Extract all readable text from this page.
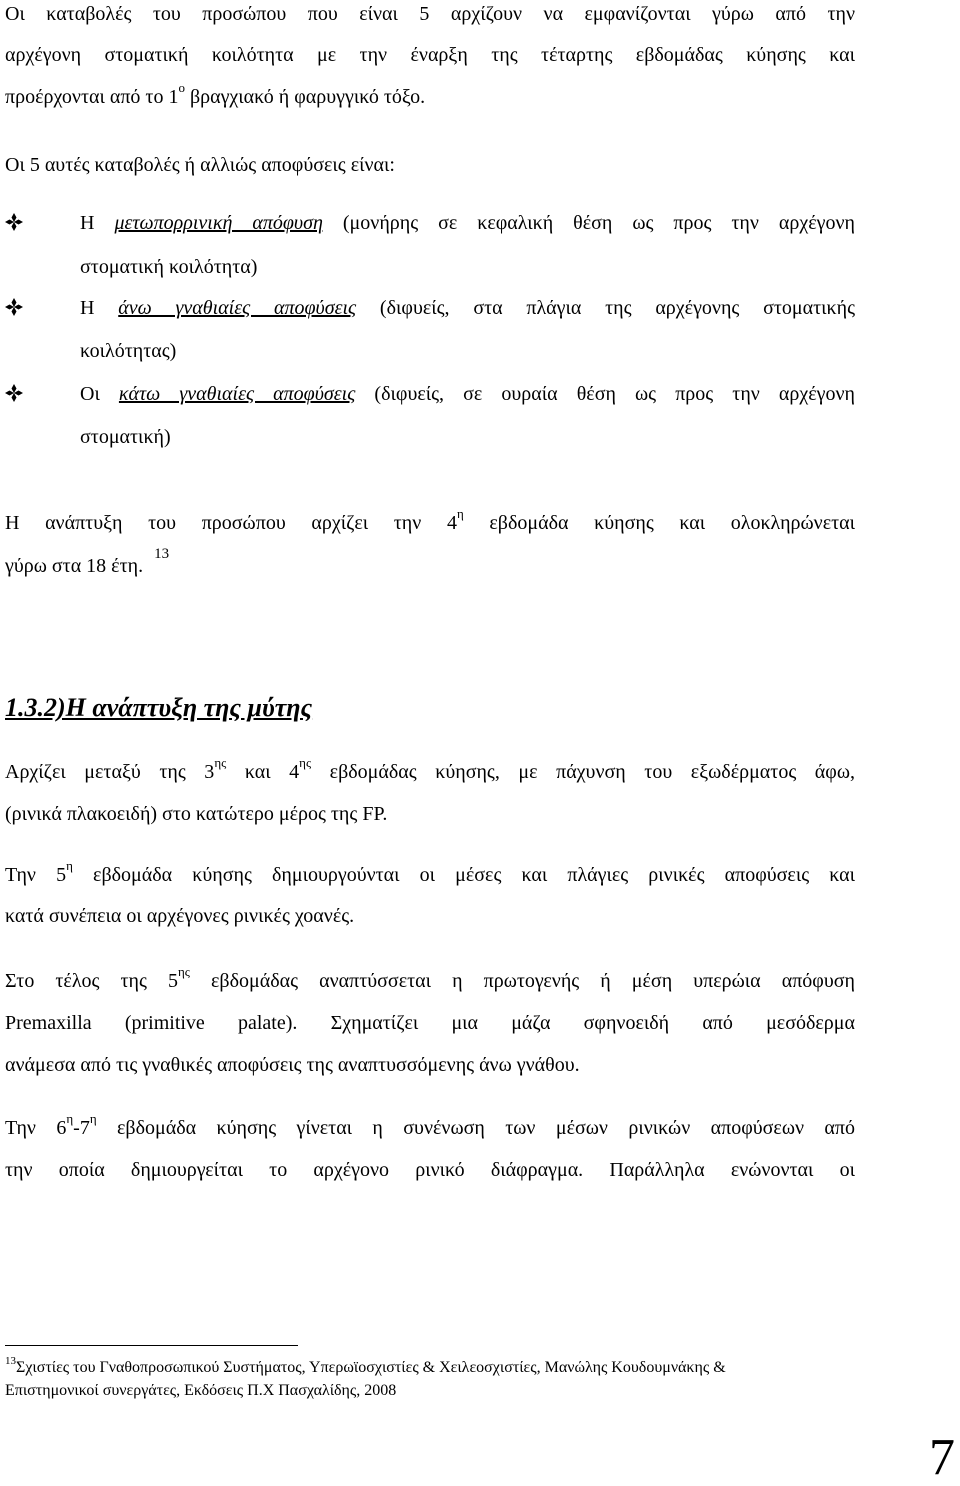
Οι καταβολές του προσώπου που είναι 5 αρχίζουν να εμφανίζονται γύρω από την

αρχέγονη στοματική κοιλότητα με την έναρξη της τέταρτης εβδομάδας κύησης και

προέρχονται από το $1^o$ βραγχιακό ή φαρυγγικό τόξο.

Οι 5 αυτές καταβολές ή αλλιώς αποφύσεις είναι:

Η μετωπορρινική απόφυση (μονήρης σε κεφαλική θέση ως προς την αρχέγονη

στοματική κοιλότητα)

Η άνω γναθιαίες αποφύσεις (διφυείς, στα πλάγια της αρχέγονης στοματικής

κοιλότητας)

Οι κάτω γναθιαίες αποφύσεις (διφυείς, σε ουραία θέση ως προς την αρχέγονη

στοματική)

Η ανάπτυξη του προσώπου αρχίζει την $4^\eta$ εβδομάδα κύησης και ολοκληρώνεται

γύρω στα 18 έτη. $^{13}$

1.3.2)Η ανάπτυξη της μύτης

Αρχίζει μεταξύ της $3^{\eta\varsigma}$ και $4^{\eta\varsigma}$ εβδομάδας κύησης, με πάχυνση του εξωδέρματος άφω,

(ρινικά πλακοειδή) στο κατώτερο μέρος της FP.

Την $5^\eta$ εβδομάδα κύησης δημιουργούνται οι μέσες και πλάγιες ρινικές αποφύσεις και

κατά συνέπεια οι αρχέγονες ρινικές χοανές.

Στο τέλος της $5^{\eta\varsigma}$ εβδομάδας αναπτύσσεται η πρωτογενής ή μέση υπερώια απόφυση

Premaxilla (primitive palate). Σχηματίζει μια μάζα σφηνοειδή από μεσόδερμα

ανάμεσα από τις γναθικές αποφύσεις της αναπτυσσόμενης άνω γνάθου.

Την $6^\eta-7^\eta$ εβδομάδα κύησης γίνεται η συνένωση των μέσων ρινικών αποφύσεων από

την οποία δημιουργείται το αρχέγονο ρινικό διάφραγμα. Παράλληλα ενώνονται οι

$^{13}$Σχιστίες του Γναθοπροσωπικού Συστήματος, Υπερωϊοσχιστίες & Χειλεοσχιστίες, Μανώλης Κουδουμνάκης &

Επιστημονικοί συνεργάτες, Εκδόσεις Π.Χ Πασχαλίδης, 2008

7
